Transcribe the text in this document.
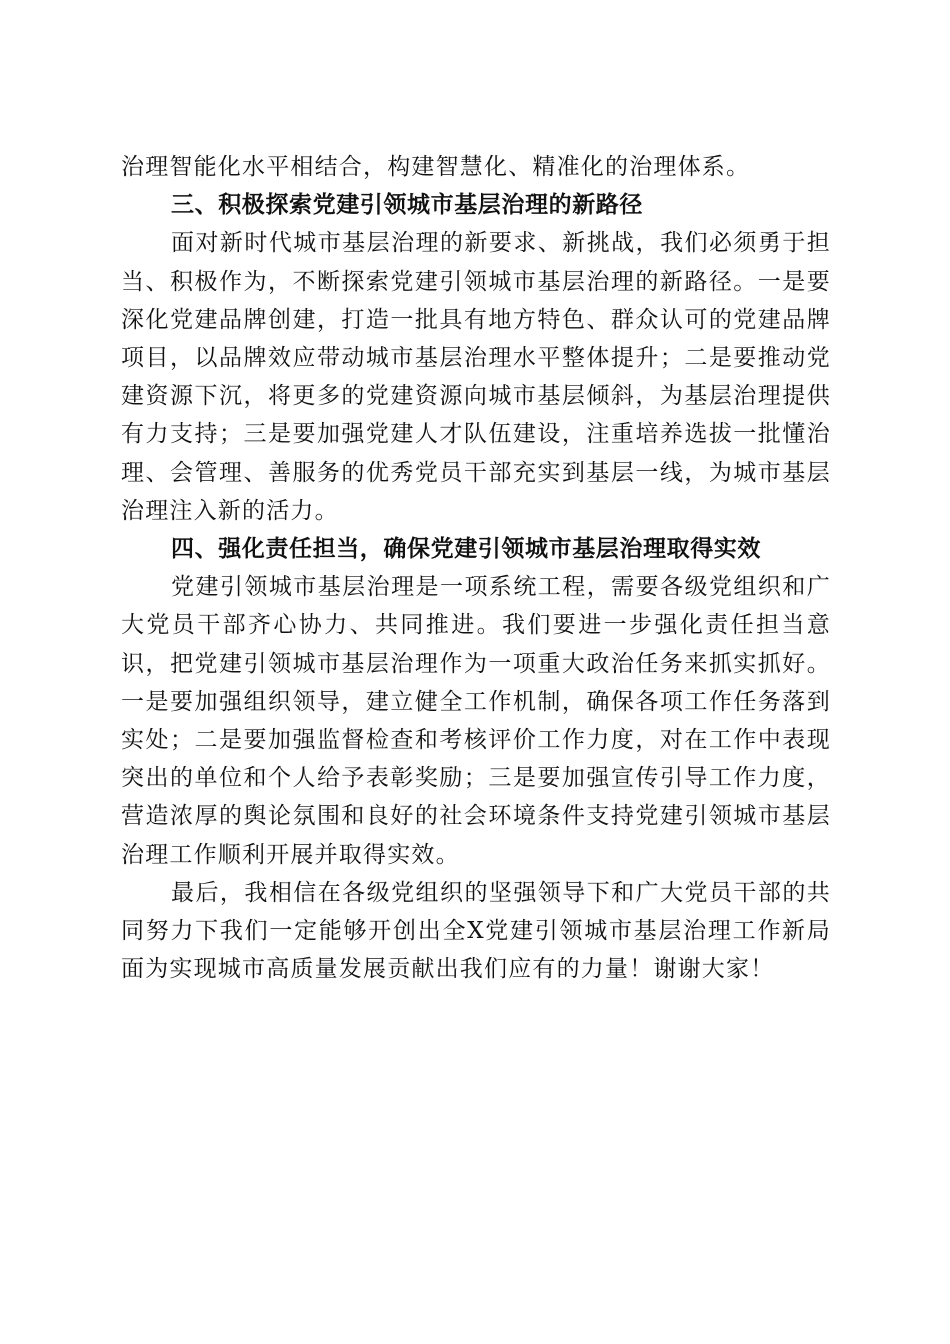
治理智能化水平相结合，构建智慧化、精准化的治理体系。

三、积极探索党建引领城市基层治理的新路径

面对新时代城市基层治理的新要求、新挑战，我们必须勇于担当、积极作为，不断探索党建引领城市基层治理的新路径。一是要深化党建品牌创建，打造一批具有地方特色、群众认可的党建品牌项目，以品牌效应带动城市基层治理水平整体提升；二是要推动党建资源下沉，将更多的党建资源向城市基层倾斜，为基层治理提供有力支持；三是要加强党建人才队伍建设，注重培养选拔一批懂治理、会管理、善服务的优秀党员干部充实到基层一线，为城市基层治理注入新的活力。

四、强化责任担当，确保党建引领城市基层治理取得实效

党建引领城市基层治理是一项系统工程，需要各级党组织和广大党员干部齐心协力、共同推进。我们要进一步强化责任担当意识，把党建引领城市基层治理作为一项重大政治任务来抓实抓好。一是要加强组织领导，建立健全工作机制，确保各项工作任务落到实处；二是要加强监督检查和考核评价工作力度，对在工作中表现突出的单位和个人给予表彰奖励；三是要加强宣传引导工作力度，营造浓厚的舆论氛围和良好的社会环境条件支持党建引领城市基层治理工作顺利开展并取得实效。

最后，我相信在各级党组织的坚强领导下和广大党员干部的共同努力下我们一定能够开创出全X党建引领城市基层治理工作新局面为实现城市高质量发展贡献出我们应有的力量！谢谢大家！
